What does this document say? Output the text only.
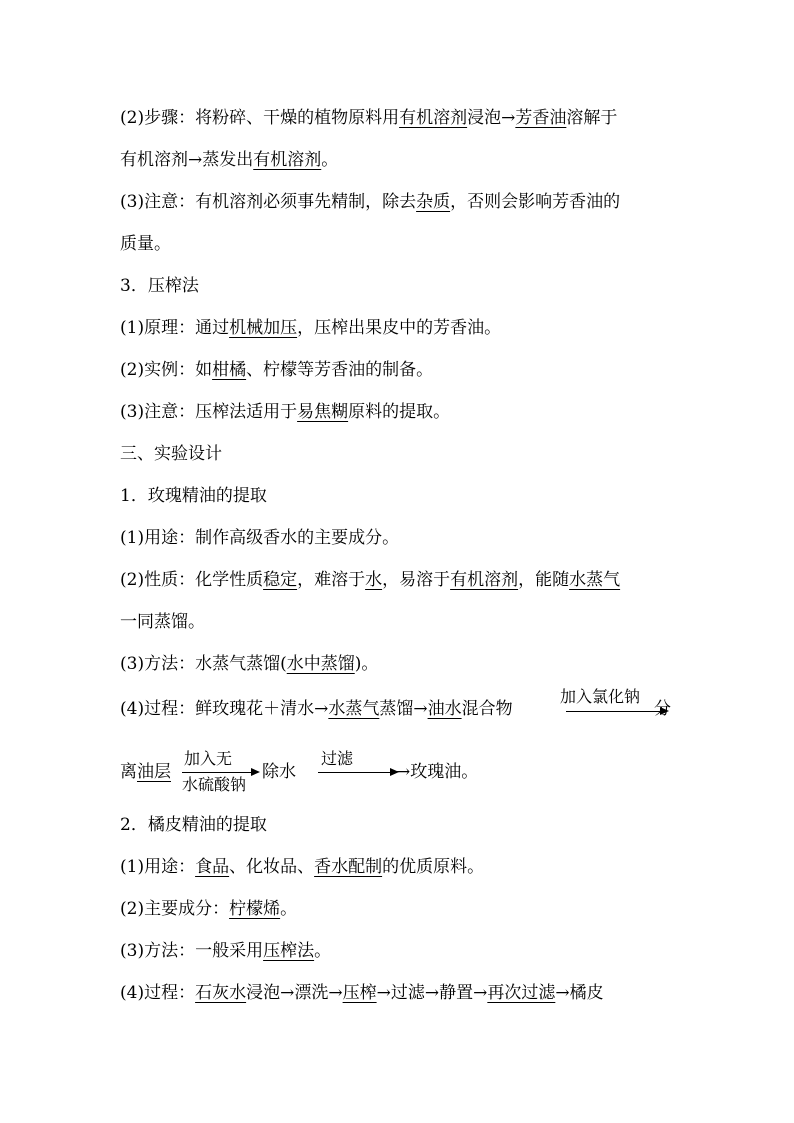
(2)步骤：将粉碎、干燥的植物原料用有机溶剂浸泡→芳香油溶解于
有机溶剂→蒸发出有机溶剂。
(3)注意：有机溶剂必须事先精制，除去杂质，否则会影响芳香油的
质量。
3．压榨法
(1)原理：通过机械加压，压榨出果皮中的芳香油。
(2)实例：如柑橘、柠檬等芳香油的制备。
(3)注意：压榨法适用于易焦糊原料的提取。
三、实验设计
1．玫瑰精油的提取
(1)用途：制作高级香水的主要成分。
(2)性质：化学性质稳定，难溶于水，易溶于有机溶剂，能随水蒸气
一同蒸馏。
(3)方法：水蒸气蒸馏(水中蒸馏)。
(4)过程：鲜玫瑰花＋清水→水蒸气蒸馏→油水混合物
离油层
2．橘皮精油的提取
(1)用途：食品、化妆品、香水配制的优质原料。
(2)主要成分：柠檬烯。
(3)方法：一般采用压榨法。
(4)过程：石灰水浸泡→漂洗→压榨→过滤→静置→再次过滤→橘皮
加入氯化钠
分
加入无
水硫酸钠
除水
过滤
→玫瑰油。
